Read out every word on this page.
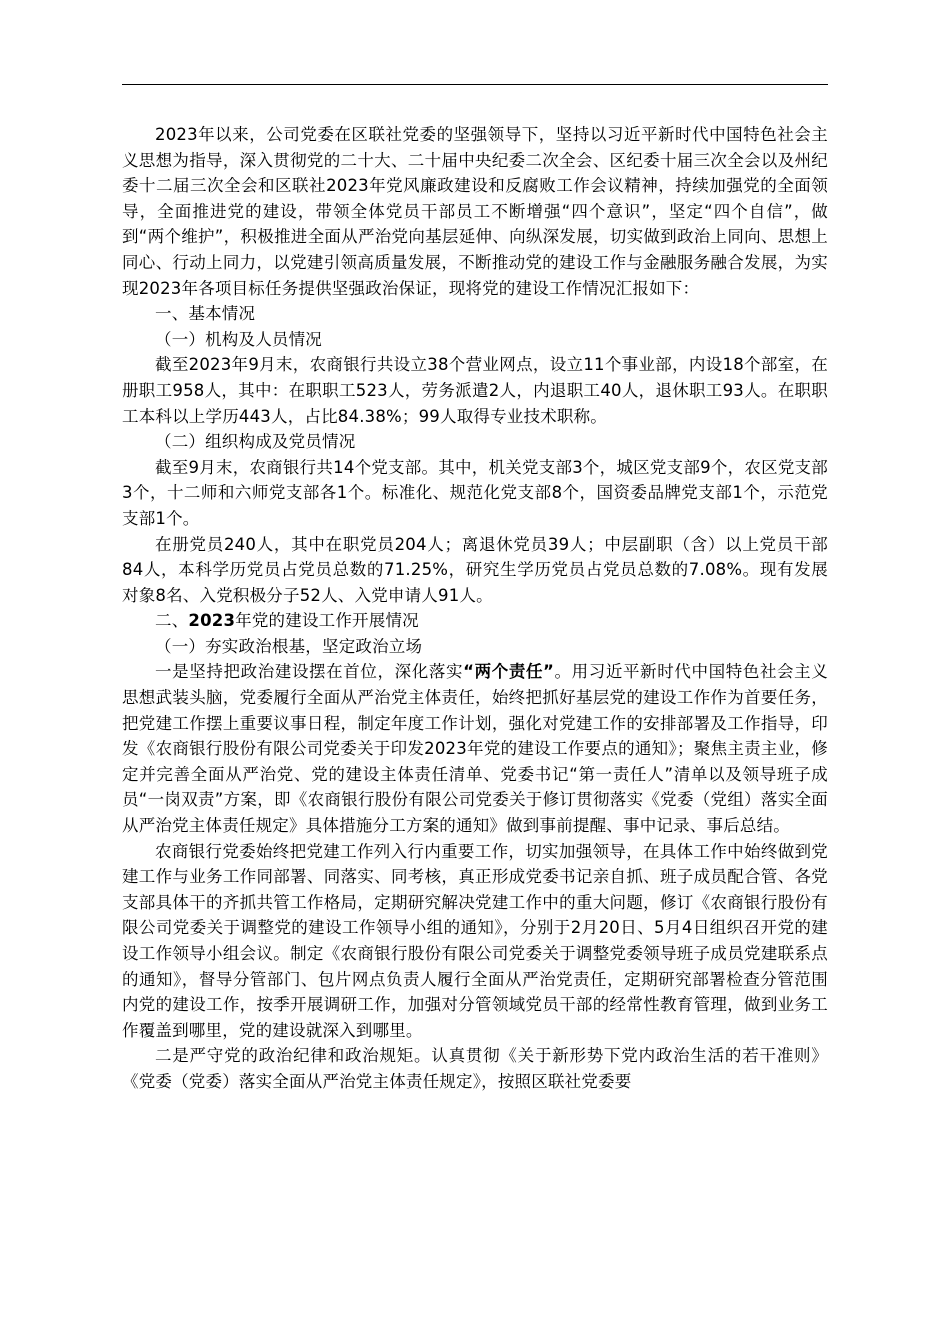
2023年以来，公司党委在区联社党委的坚强领导下，坚持以习近平新时代中国特色社会主义思想为指导，深入贯彻党的二十大、二十届中央纪委二次全会、区纪委十届三次全会以及州纪委十二届三次全会和区联社2023年党风廉政建设和反腐败工作会议精神，持续加强党的全面领导，全面推进党的建设，带领全体党员干部员工不断增强“四个意识”，坚定“四个自信”，做到“两个维护”，积极推进全面从严治党向基层延伸、向纵深发展，切实做到政治上同向、思想上同心、行动上同力，以党建引领高质量发展，不断推动党的建设工作与金融服务融合发展，为实现2023年各项目标任务提供坚强政治保证，现将党的建设工作情况汇报如下：

一、基本情况

（一）机构及人员情况

截至2023年9月末，农商银行共设立38个营业网点，设立11个事业部，内设18个部室，在册职工958人，其中：在职职工523人，劳务派遣2人，内退职工40人，退休职工93人。在职职工本科以上学历443人，占比84.38%；99人取得专业技术职称。

（二）组织构成及党员情况

截至9月末，农商银行共14个党支部。其中，机关党支部3个，城区党支部9个，农区党支部3个，十二师和六师党支部各1个。标准化、规范化党支部8个，国资委品牌党支部1个，示范党支部1个。

在册党员240人，其中在职党员204人；离退休党员39人；中层副职（含）以上党员干部84人，本科学历党员占党员总数的71.25%，研究生学历党员占党员总数的7.08%。现有发展对象8名、入党积极分子52人、入党申请人91人。

二、2023年党的建设工作开展情况

（一）夯实政治根基，坚定政治立场

一是坚持把政治建设摆在首位，深化落实“两个责任”。用习近平新时代中国特色社会主义思想武装头脑，党委履行全面从严治党主体责任，始终把抓好基层党的建设工作作为首要任务，把党建工作摆上重要议事日程，制定年度工作计划，强化对党建工作的安排部署及工作指导，印发《农商银行股份有限公司党委关于印发2023年党的建设工作要点的通知》；聚焦主责主业，修定并完善全面从严治党、党的建设主体责任清单、党委书记“第一责任人”清单以及领导班子成员“一岗双责”方案，即《农商银行股份有限公司党委关于修订贯彻落实《党委（党组）落实全面从严治党主体责任规定》具体措施分工方案的通知》做到事前提醒、事中记录、事后总结。

农商银行党委始终把党建工作列入行内重要工作，切实加强领导，在具体工作中始终做到党建工作与业务工作同部署、同落实、同考核，真正形成党委书记亲自抓、班子成员配合管、各党支部具体干的齐抓共管工作格局，定期研究解决党建工作中的重大问题，修订《农商银行股份有限公司党委关于调整党的建设工作领导小组的通知》，分别于2月20日、5月4日组织召开党的建设工作领导小组会议。制定《农商银行股份有限公司党委关于调整党委领导班子成员党建联系点的通知》，督导分管部门、包片网点负责人履行全面从严治党责任，定期研究部署检查分管范围内党的建设工作，按季开展调研工作，加强对分管领域党员干部的经常性教育管理，做到业务工作覆盖到哪里，党的建设就深入到哪里。

二是严守党的政治纪律和政治规矩。认真贯彻《关于新形势下党内政治生活的若干准则》《党委（党委）落实全面从严治党主体责任规定》，按照区联社党委要
